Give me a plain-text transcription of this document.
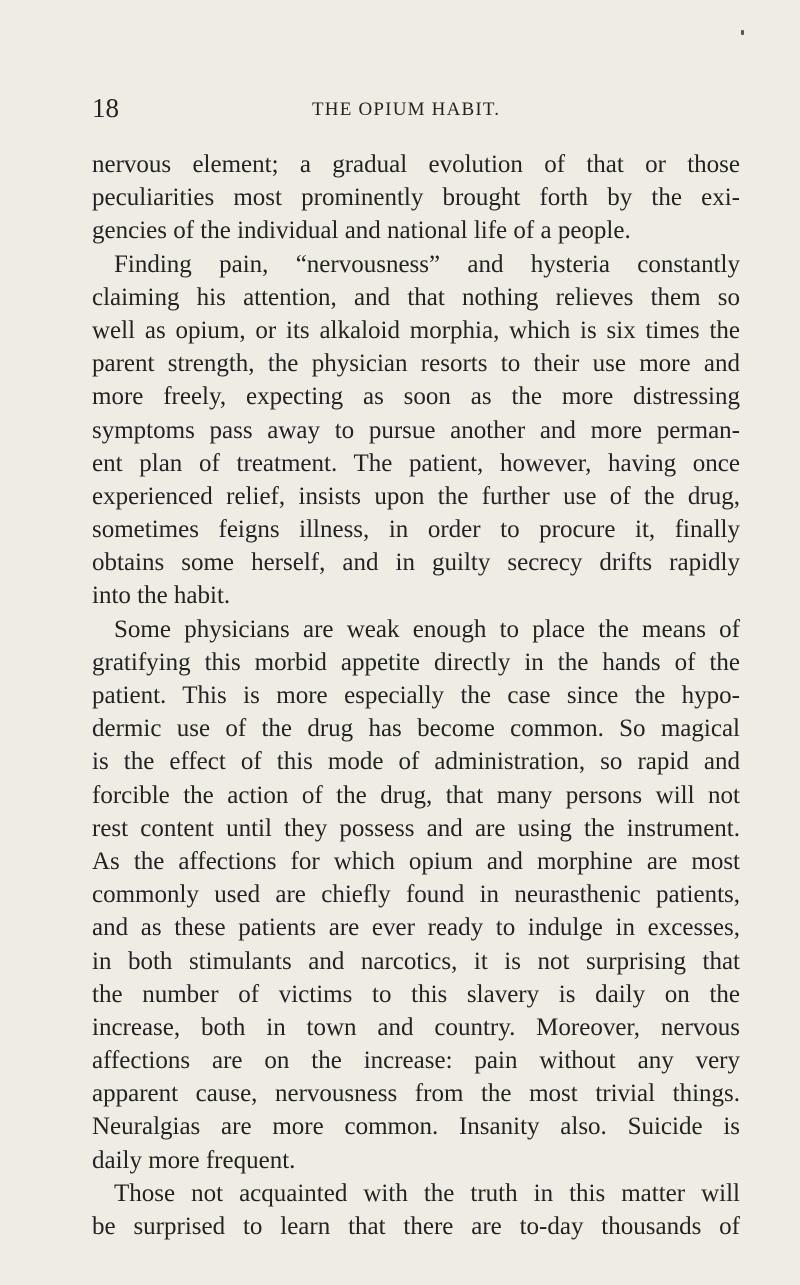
18	THE OPIUM HABIT.
nervous element; a gradual evolution of that or those
peculiarities most prominently brought forth by the exi-
gencies of the individual and national life of a people.
Finding pain, “nervousness” and hysteria constantly
claiming his attention, and that nothing relieves them so
well as opium, or its alkaloid morphia, which is six times the
parent strength, the physician resorts to their use more and
more freely, expecting as soon as the more distressing
symptoms pass away to pursue another and more perman-
ent plan of treatment. The patient, however, having once
experienced relief, insists upon the further use of the drug,
sometimes feigns illness, in order to procure it, finally
obtains some herself, and in guilty secrecy drifts rapidly
into the habit.
Some physicians are weak enough to place the means of
gratifying this morbid appetite directly in the hands of the
patient. This is more especially the case since the hypo-
dermic use of the drug has become common. So magical
is the effect of this mode of administration, so rapid and
forcible the action of the drug, that many persons will not
rest content until they possess and are using the instrument.
As the affections for which opium and morphine are most
commonly used are chiefly found in neurasthenic patients,
and as these patients are ever ready to indulge in excesses,
in both stimulants and narcotics, it is not surprising that
the number of victims to this slavery is daily on the
increase, both in town and country. Moreover, nervous
affections are on the increase: pain without any very
apparent cause, nervousness from the most trivial things.
Neuralgias are more common. Insanity also. Suicide is
daily more frequent.
Those not acquainted with the truth in this matter will
be surprised to learn that there are to-day thousands of
